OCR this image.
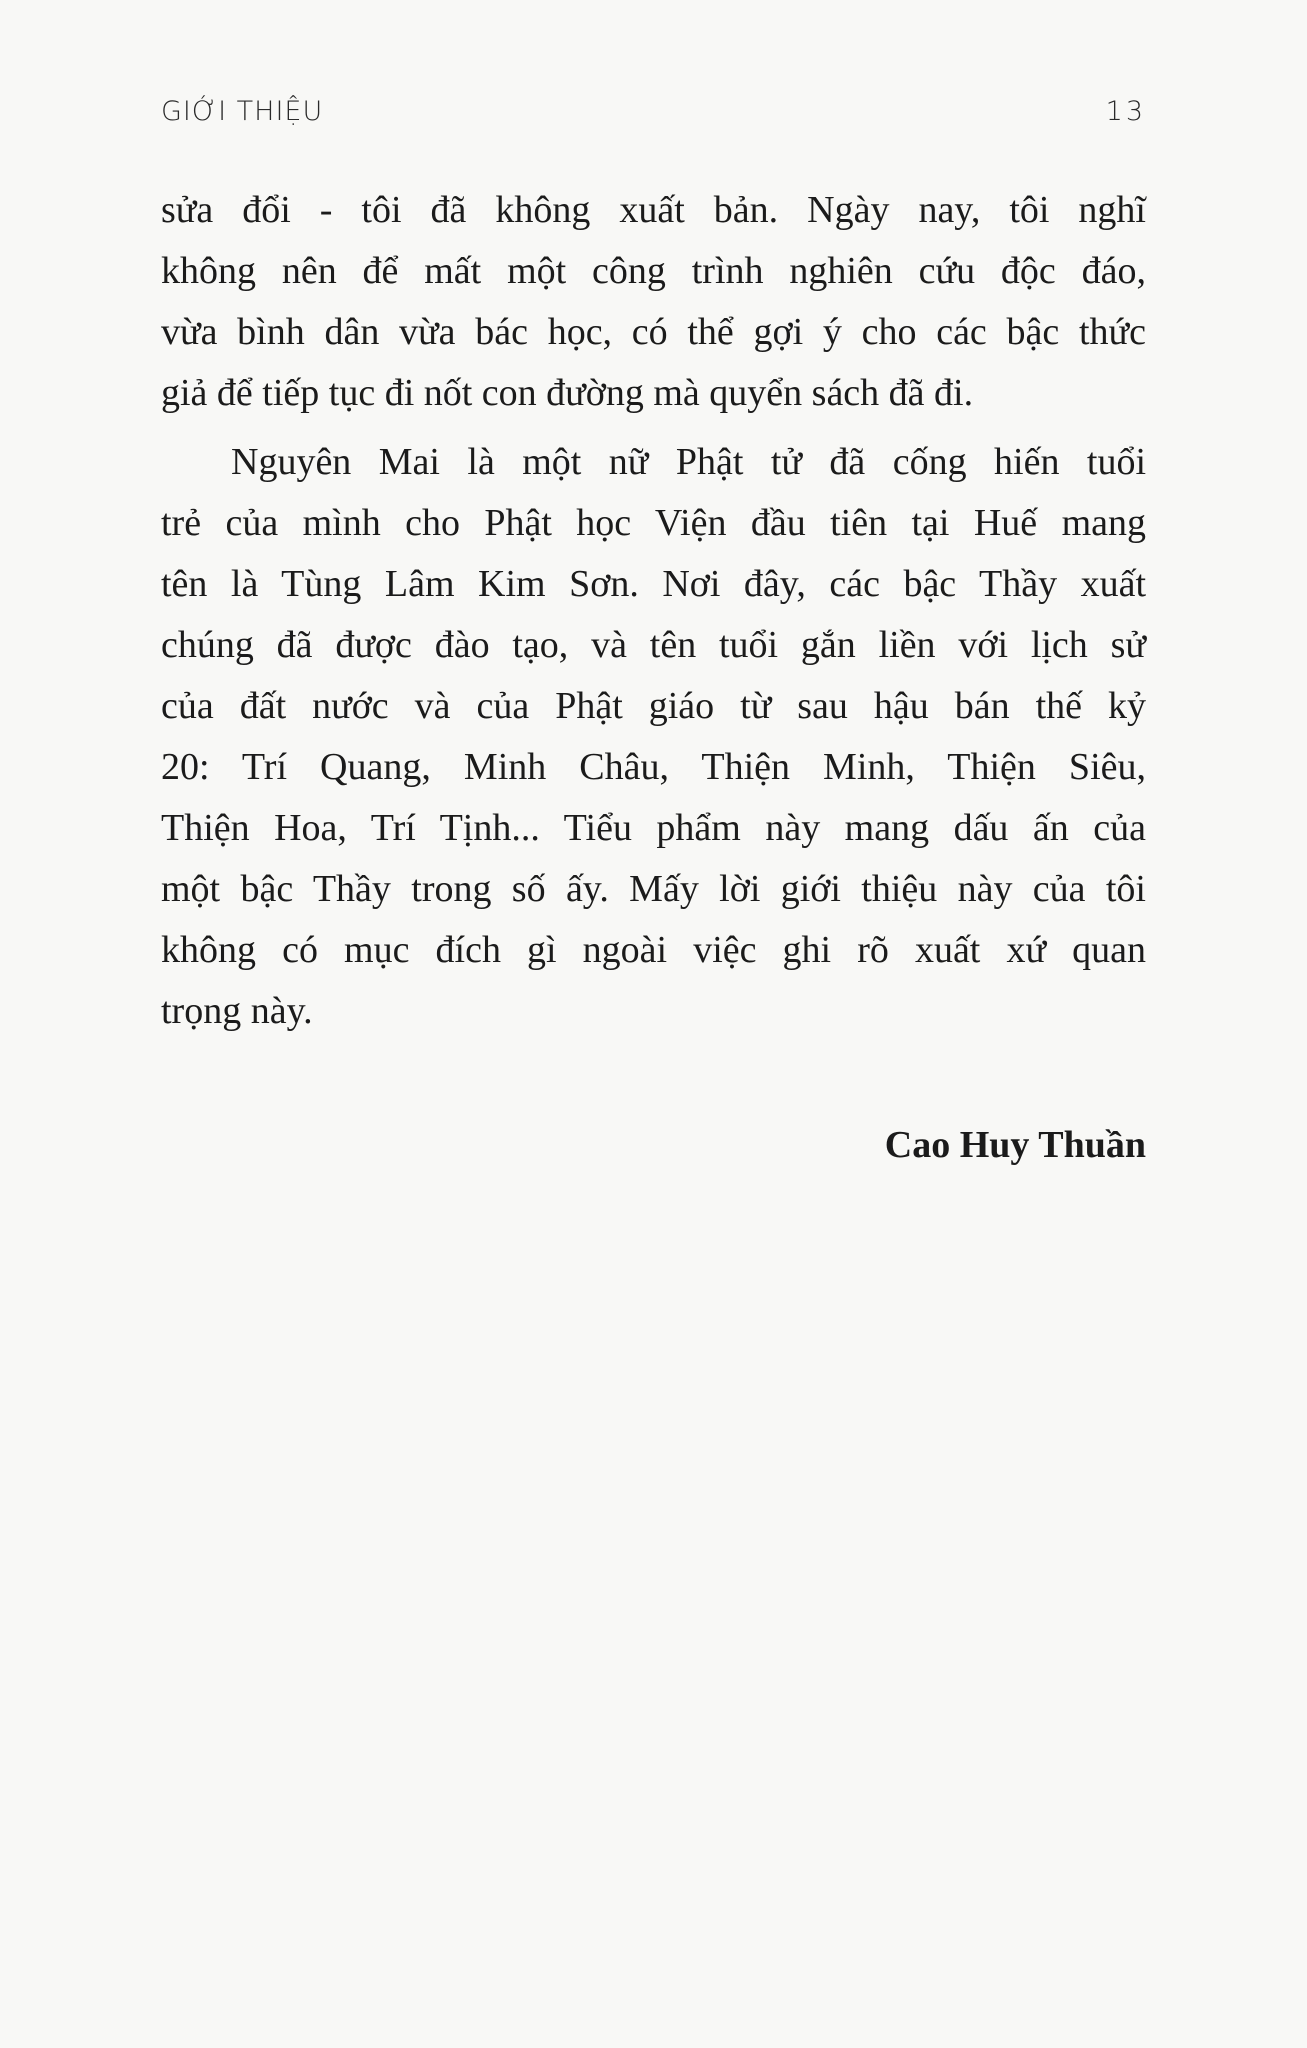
GIỚI THIỆU	13
sửa đổi - tôi đã không xuất bản. Ngày nay, tôi nghĩ
không nên để mất một công trình nghiên cứu độc đáo,
vừa bình dân vừa bác học, có thể gợi ý cho các bậc thức
giả để tiếp tục đi nốt con đường mà quyển sách đã đi.
Nguyên Mai là một nữ Phật tử đã cống hiến tuổi
trẻ của mình cho Phật học Viện đầu tiên tại Huế mang
tên là Tùng Lâm Kim Sơn. Nơi đây, các bậc Thầy xuất
chúng đã được đào tạo, và tên tuổi gắn liền với lịch sử
của đất nước và của Phật giáo từ sau hậu bán thế kỷ
20: Trí Quang, Minh Châu, Thiện Minh, Thiện Siêu,
Thiện Hoa, Trí Tịnh... Tiểu phẩm này mang dấu ấn của
một bậc Thầy trong số ấy. Mấy lời giới thiệu này của tôi
không có mục đích gì ngoài việc ghi rõ xuất xứ quan
trọng này.
Cao Huy Thuần
